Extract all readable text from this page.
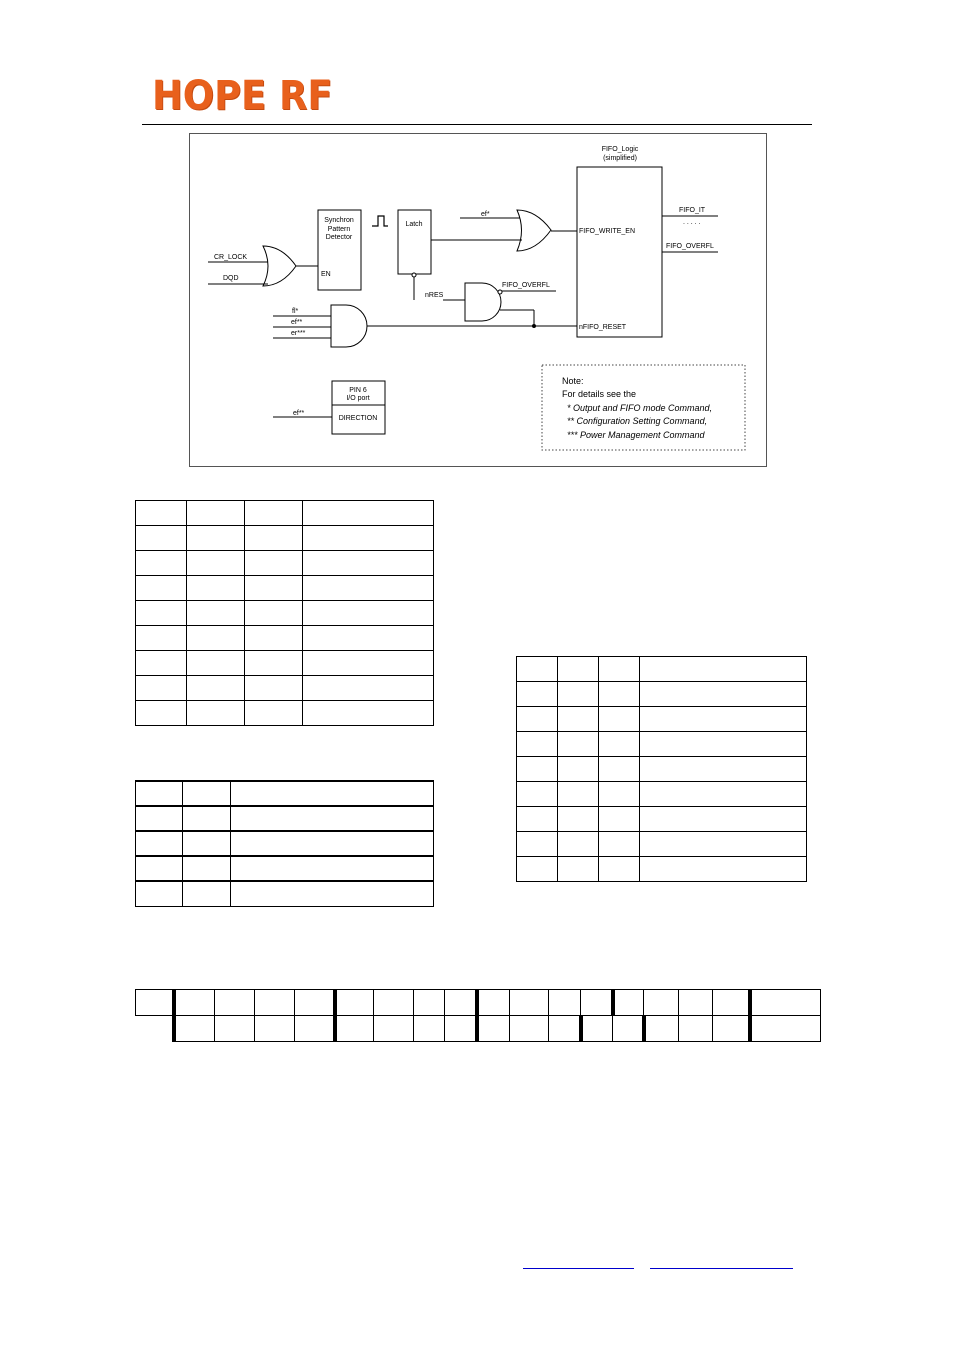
HOPE RF
FIFO_Logic
(simplified)
FIFO_WRITE_EN
nFIFO_RESET
FIFO_IT
. . . . .
FIFO_OVERFL
Synchron
Pattern
Detector
EN
Latch
CR_LOCK
DQD
ef*
nRES
FIFO_OVERFL
fl*
ef**
er***
PIN 6
I/O port
DIRECTION
ef**
Note:
For details see the
* Output and FIFO mode Command,
** Configuration Setting Command,
*** Power Management Command
